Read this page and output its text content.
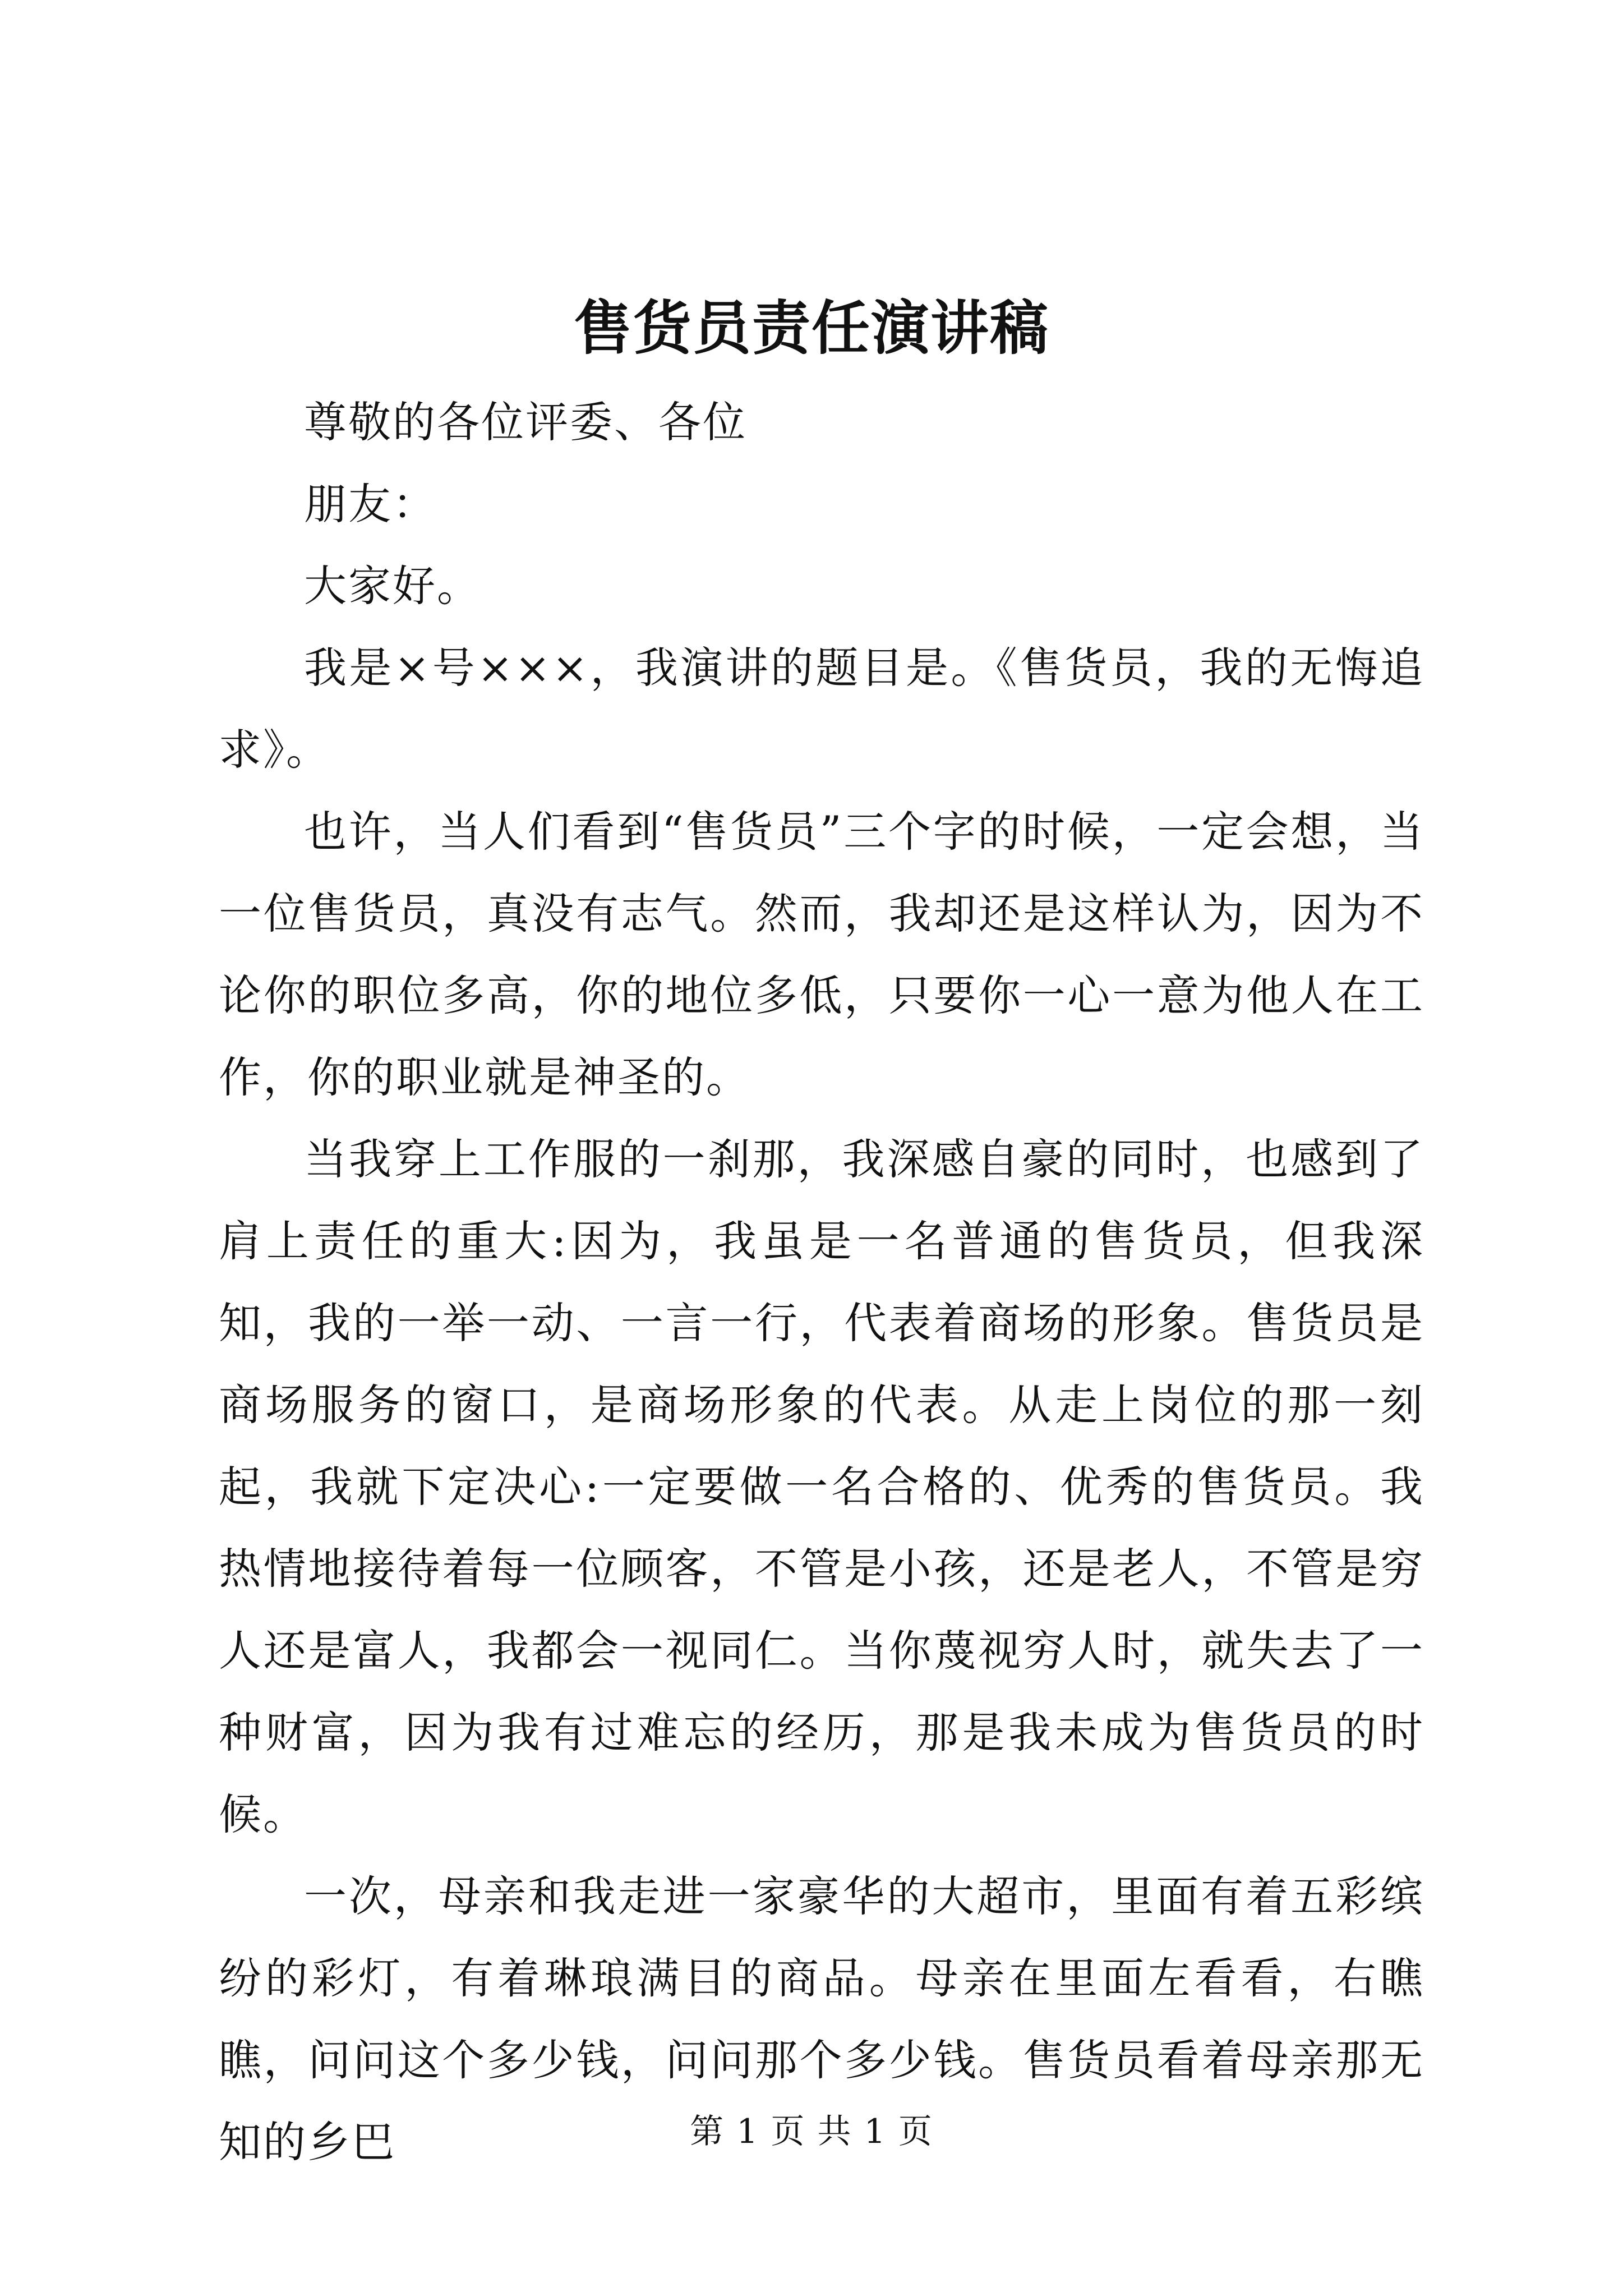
售货员责任演讲稿

尊敬的各位评委、各位

朋友：

大家好。

我是×号×××，我演讲的题目是。《售货员，我的无悔追求》。

也许，当人们看到“售货员”三个字的时候，一定会想，当一位售货员，真没有志气。然而，我却还是这样认为，因为不论你的职位多高，你的地位多低，只要你一心一意为他人在工作，你的职业就是神圣的。

当我穿上工作服的一刹那，我深感自豪的同时，也感到了肩上责任的重大:因为，我虽是一名普通的售货员，但我深知，我的一举一动、一言一行，代表着商场的形象。售货员是商场服务的窗口，是商场形象的代表。从走上岗位的那一刻起，我就下定决心:一定要做一名合格的、优秀的售货员。我热情地接待着每一位顾客，不管是小孩，还是老人，不管是穷人还是富人，我都会一视同仁。当你蔑视穷人时，就失去了一种财富，因为我有过难忘的经历，那是我未成为售货员的时候。

一次，母亲和我走进一家豪华的大超市，里面有着五彩缤纷的彩灯，有着琳琅满目的商品。母亲在里面左看看，右瞧瞧，问问这个多少钱，问问那个多少钱。售货员看着母亲那无知的乡巴	第 1 页 共 1 页
